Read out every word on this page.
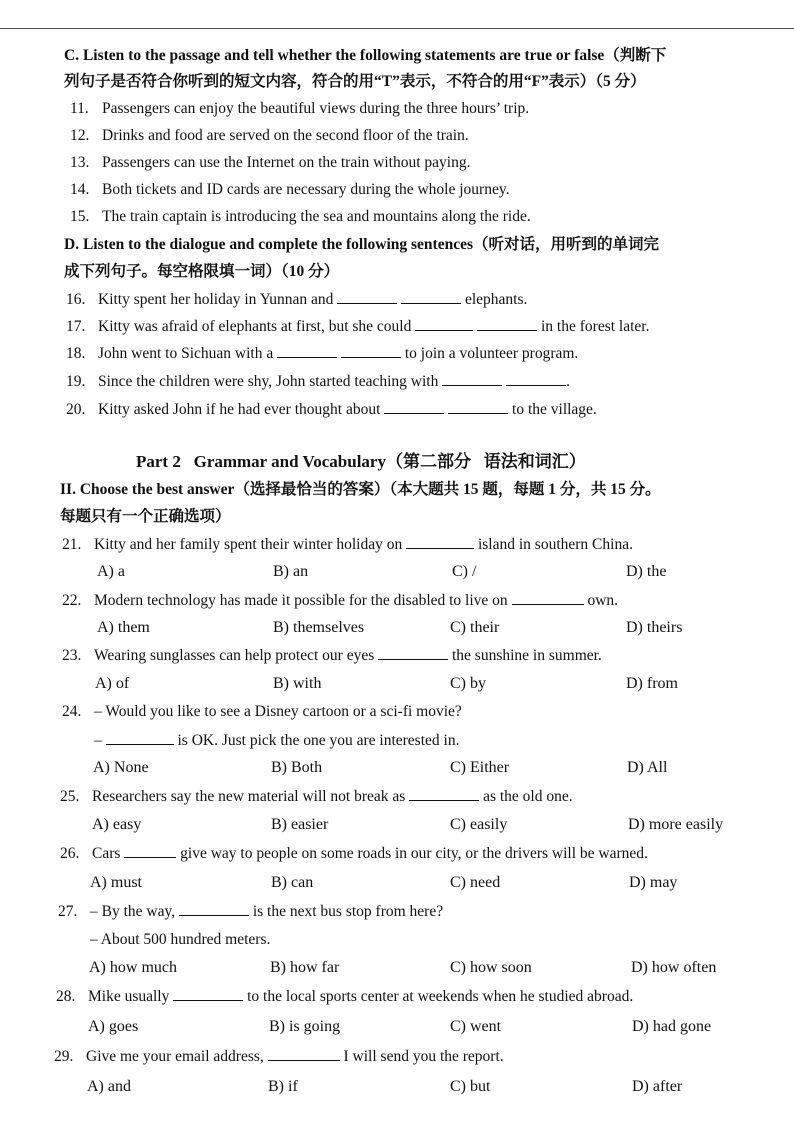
C. Listen to the passage and tell whether the following statements are true or false（判断下
列句子是否符合你听到的短文内容，符合的用“T”表示，不符合的用“F”表示）（5 分）
11. Passengers can enjoy the beautiful views during the three hours’ trip.
12. Drinks and food are served on the second floor of the train.
13. Passengers can use the Internet on the train without paying.
14. Both tickets and ID cards are necessary during the whole journey.
15. The train captain is introducing the sea and mountains along the ride.
D. Listen to the dialogue and complete the following sentences（听对话，用听到的单词完
成下列句子。每空格限填一词）（10 分）
16. Kitty spent her holiday in Yunnan and	elephants.
17. Kitty was afraid of elephants at first, but she could	in the forest later.
18. John went to Sichuan with a	to join a volunteer program.
19. Since the children were shy, John started teaching with	.
20. Kitty asked John if he had ever thought about	to the village.
Part 2   Grammar and Vocabulary（第二部分   语法和词汇）
II. Choose the best answer（选择最恰当的答案）（本大题共 15 题，每题 1 分，共 15 分。
每题只有一个正确选项）
21. Kitty and her family spent their winter holiday on	island in southern China.
A) a	B) an	C) /	D) the
22. Modern technology has made it possible for the disabled to live on	own.
A) them	B) themselves	C) their	D) theirs
23. Wearing sunglasses can help protect our eyes	the sunshine in summer.
A) of	B) with	C) by	D) from
24. – Would you like to see a Disney cartoon or a sci-fi movie?
–	is OK. Just pick the one you are interested in.
A) None	B) Both	C) Either	D) All
25. Researchers say the new material will not break as	as the old one.
A) easy	B) easier	C) easily	D) more easily
26. Cars	give way to people on some roads in our city, or the drivers will be warned.
A) must	B) can	C) need	D) may
27. – By the way,	is the next bus stop from here?
– About 500 hundred meters.
A) how much	B) how far	C) how soon	D) how often
28. Mike usually	to the local sports center at weekends when he studied abroad.
A) goes	B) is going	C) went	D) had gone
29. Give me your email address,	I will send you the report.
A) and	B) if	C) but	D) after
